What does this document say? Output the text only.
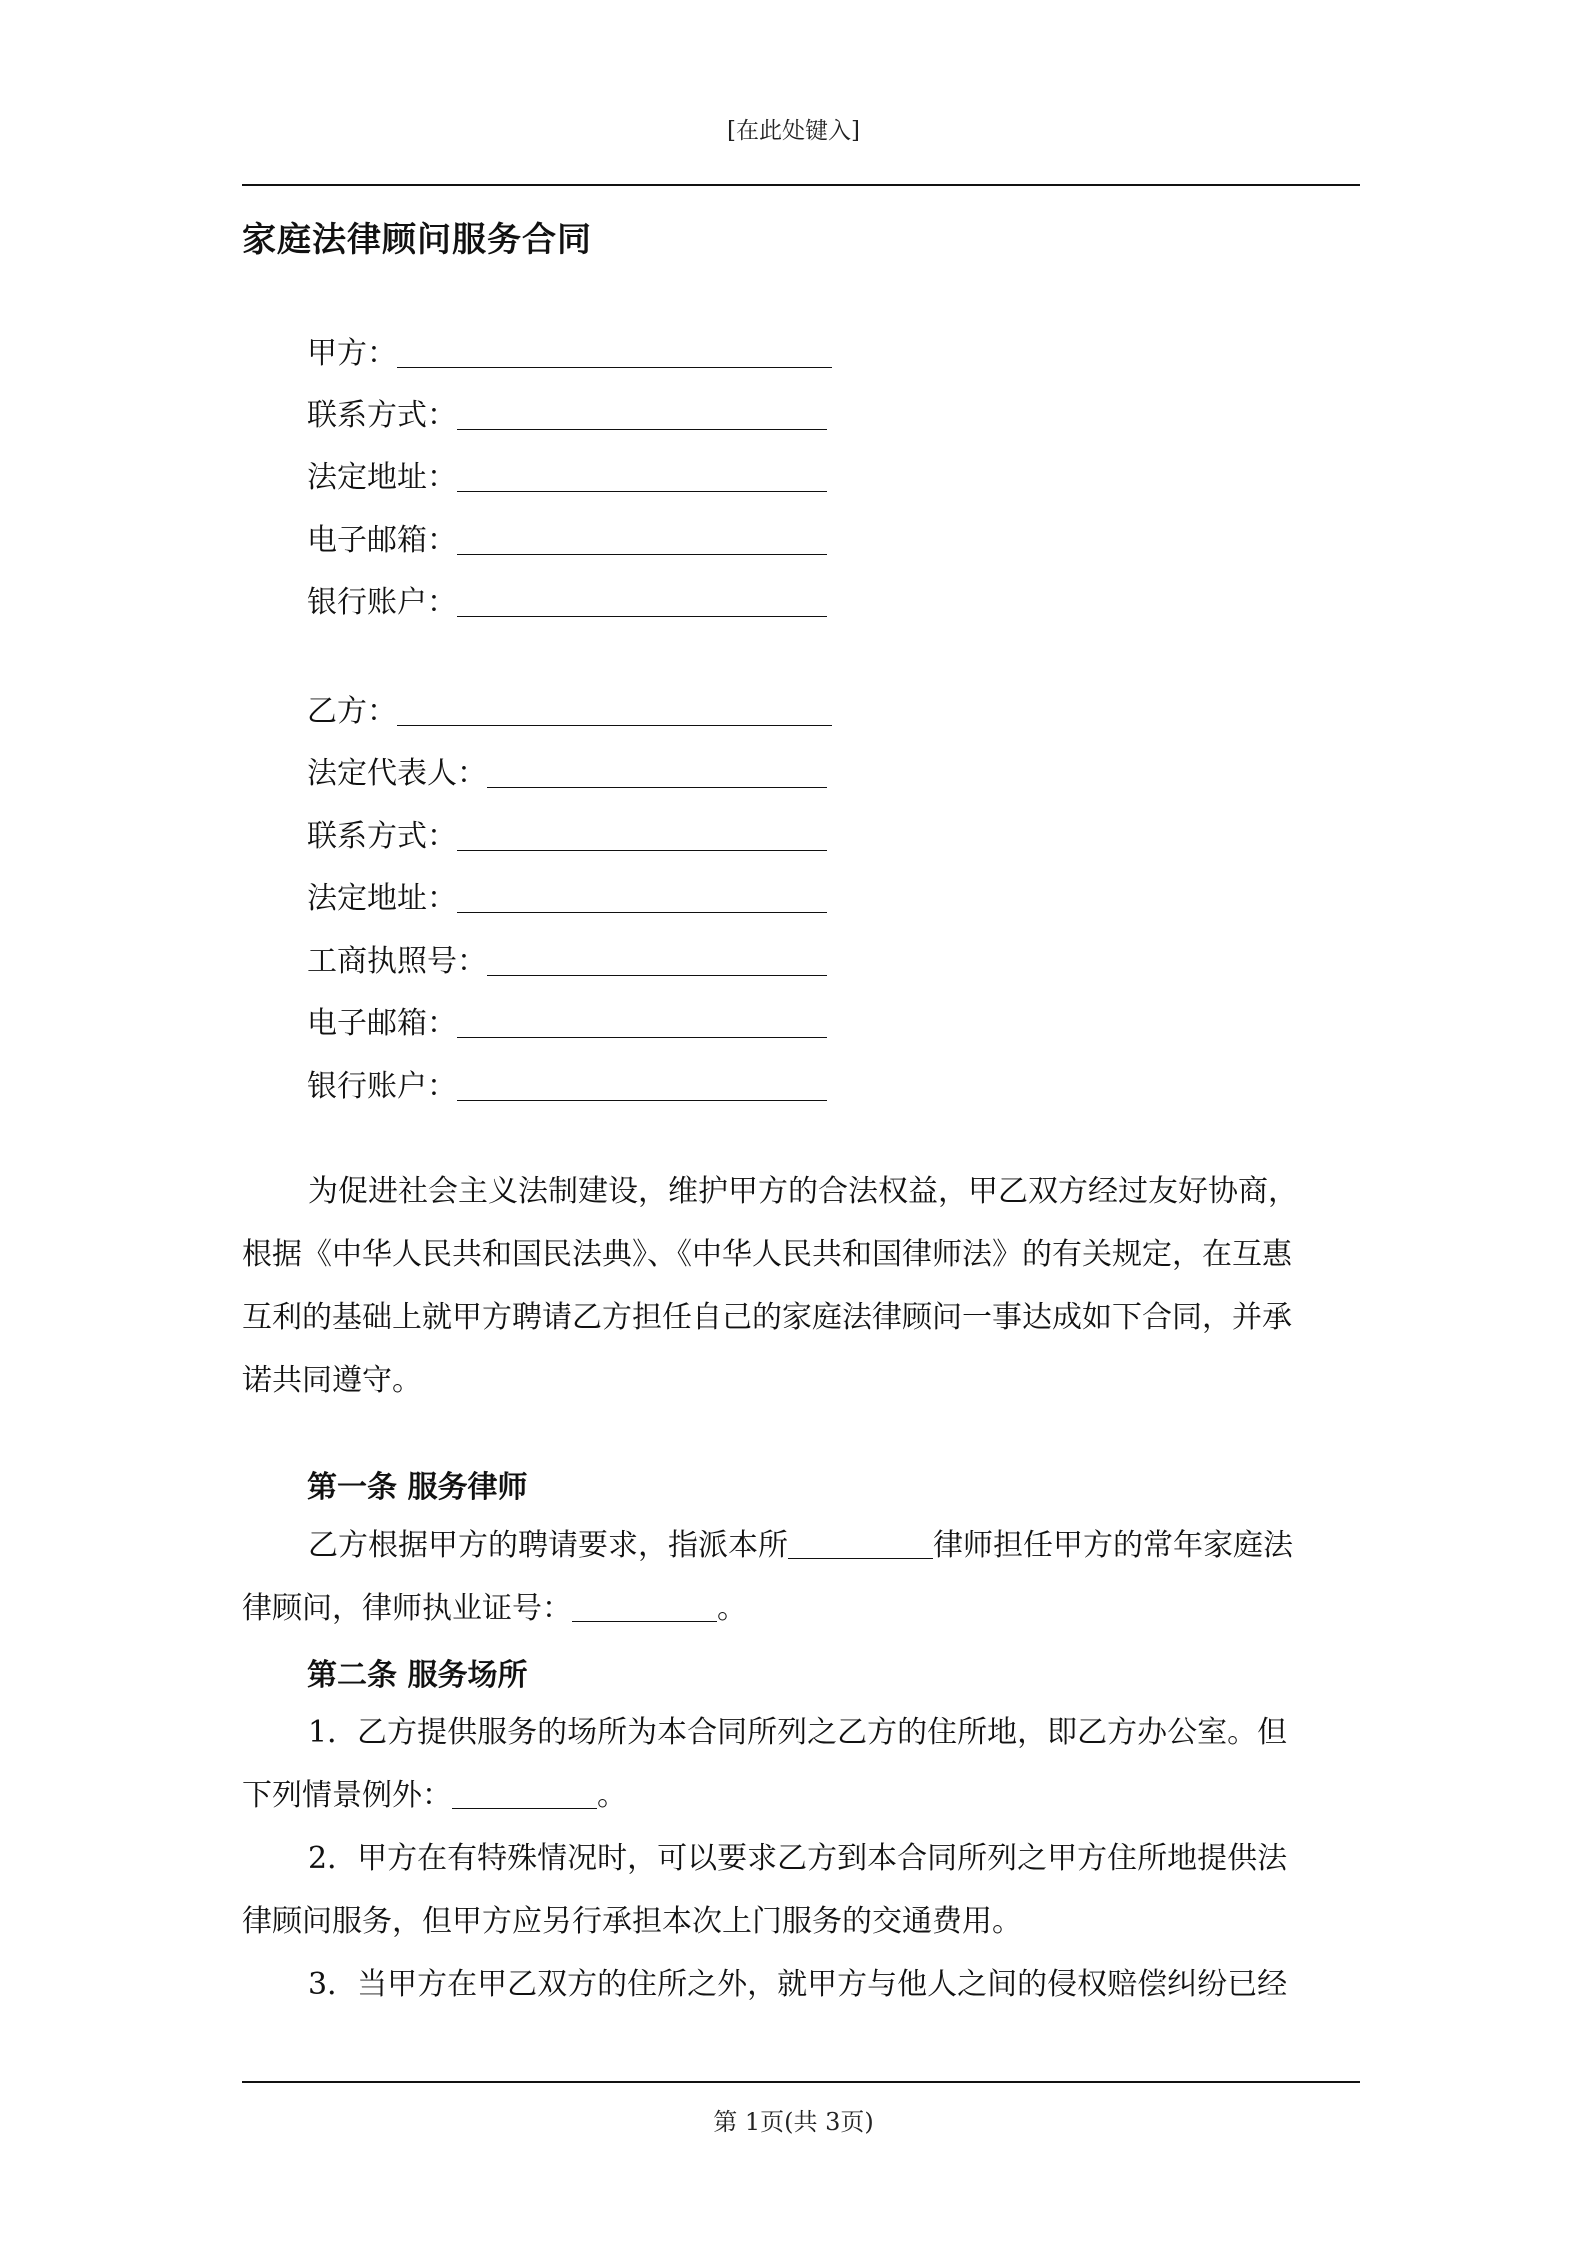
[在此处键入]
家庭法律顾问服务合同
甲方：
联系方式：
法定地址：
电子邮箱：
银行账户：
乙方：
法定代表人：
联系方式：
法定地址：
工商执照号：
电子邮箱：
银行账户：
为促进社会主义法制建设，维护甲方的合法权益，甲乙双方经过友好协商，
根据《中华人民共和国民法典》、《中华人民共和国律师法》的有关规定，在互惠
互利的基础上就甲方聘请乙方担任自己的家庭法律顾问一事达成如下合同，并承
诺共同遵守。
第一条 服务律师
乙方根据甲方的聘请要求，指派本所	律师担任甲方的常年家庭法
律顾问，律师执业证号：	。
第二条 服务场所
1．乙方提供服务的场所为本合同所列之乙方的住所地，即乙方办公室。但
下列情景例外：	。
2．甲方在有特殊情况时，可以要求乙方到本合同所列之甲方住所地提供法
律顾问服务，但甲方应另行承担本次上门服务的交通费用。
3．当甲方在甲乙双方的住所之外，就甲方与他人之间的侵权赔偿纠纷已经
第 1页(共 3页)
